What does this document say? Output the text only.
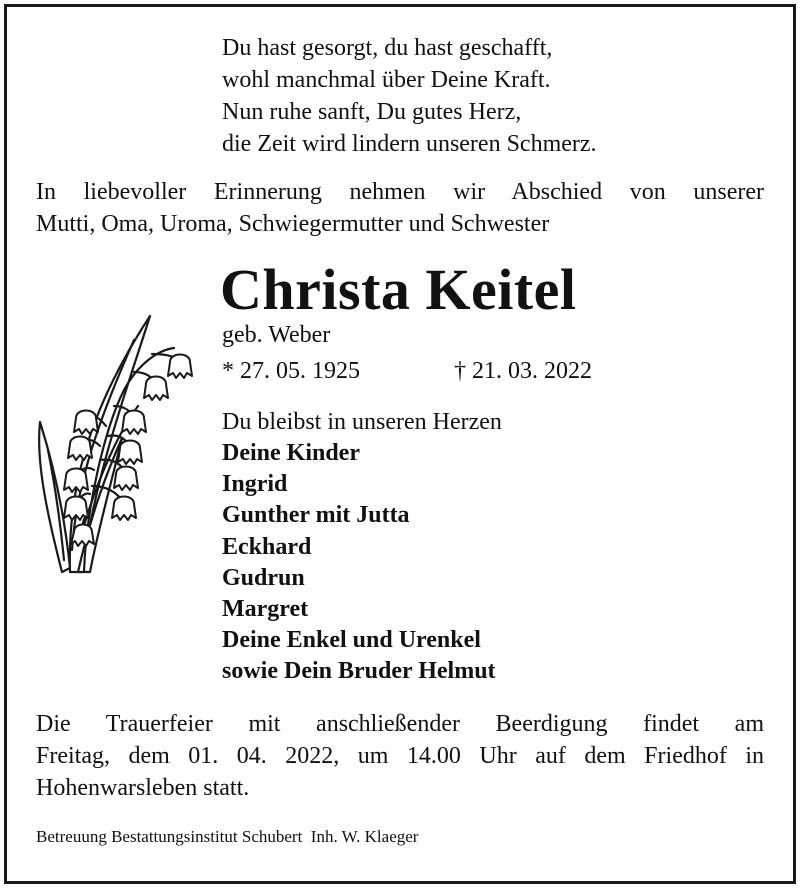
Du hast gesorgt, du hast geschafft,
wohl manchmal über Deine Kraft.
Nun ruhe sanft, Du gutes Herz,
die Zeit wird lindern unseren Schmerz.
In liebevoller Erinnerung nehmen wir Abschied von unserer
Mutti, Oma, Uroma, Schwiegermutter und Schwester
Christa Keitel
geb. Weber
* 27. 05. 1925	† 21. 03. 2022
Du bleibst in unseren Herzen
Deine Kinder
Ingrid
Gunther mit Jutta
Eckhard
Gudrun
Margret
Deine Enkel und Urenkel
sowie Dein Bruder Helmut
Die Trauerfeier mit anschließender Beerdigung findet am
Freitag, dem 01. 04. 2022, um 14.00 Uhr auf dem Friedhof in
Hohenwarsleben statt.
Betreuung Bestattungsinstitut Schubert  Inh. W. Klaeger
